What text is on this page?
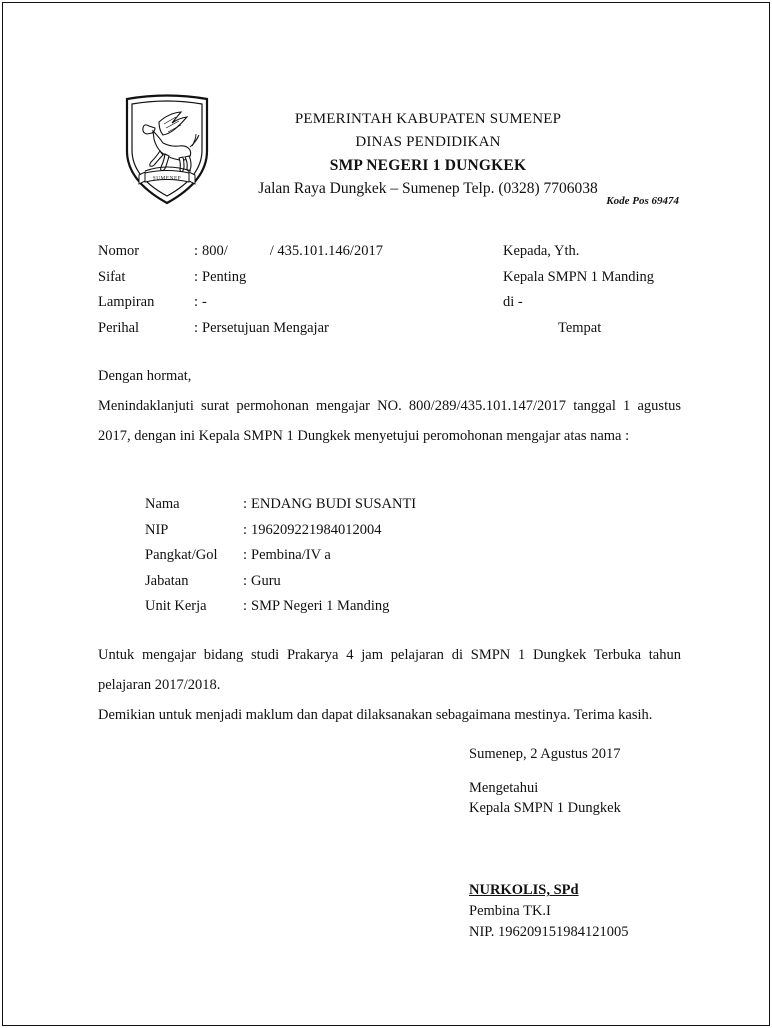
SUMENEP
PEMERINTAH KABUPATEN SUMENEP
DINAS PENDIDIKAN
SMP NEGERI 1 DUNGKEK
Jalan Raya Dungkek – Sumenep Telp. (0328) 7706038
Kode Pos 69474
Nomor	: 800/	/ 435.101.146/2017	Kepada, Yth.
Sifat	: Penting	Kepala SMPN 1 Manding
Lampiran	: -	di -
Perihal	: Persetujuan Mengajar	Tempat
Dengan hormat,
Menindaklanjuti surat permohonan mengajar NO. 800/289/435.101.147/2017 tanggal 1 agustus 2017, dengan ini Kepala SMPN 1 Dungkek menyetujui peromohonan mengajar atas nama :
Nama	: ENDANG BUDI SUSANTI
NIP	: 196209221984012004
Pangkat/Gol : Pembina/IV a
Jabatan	: Guru
Unit Kerja	: SMP Negeri 1 Manding
Untuk mengajar bidang studi Prakarya 4 jam pelajaran di SMPN 1 Dungkek Terbuka tahun pelajaran 2017/2018.
Demikian untuk menjadi maklum dan dapat dilaksanakan sebagaimana mestinya. Terima kasih.
Sumenep, 2 Agustus 2017
Mengetahui
Kepala SMPN 1 Dungkek
NURKOLIS, SPd
Pembina TK.I
NIP. 196209151984121005
